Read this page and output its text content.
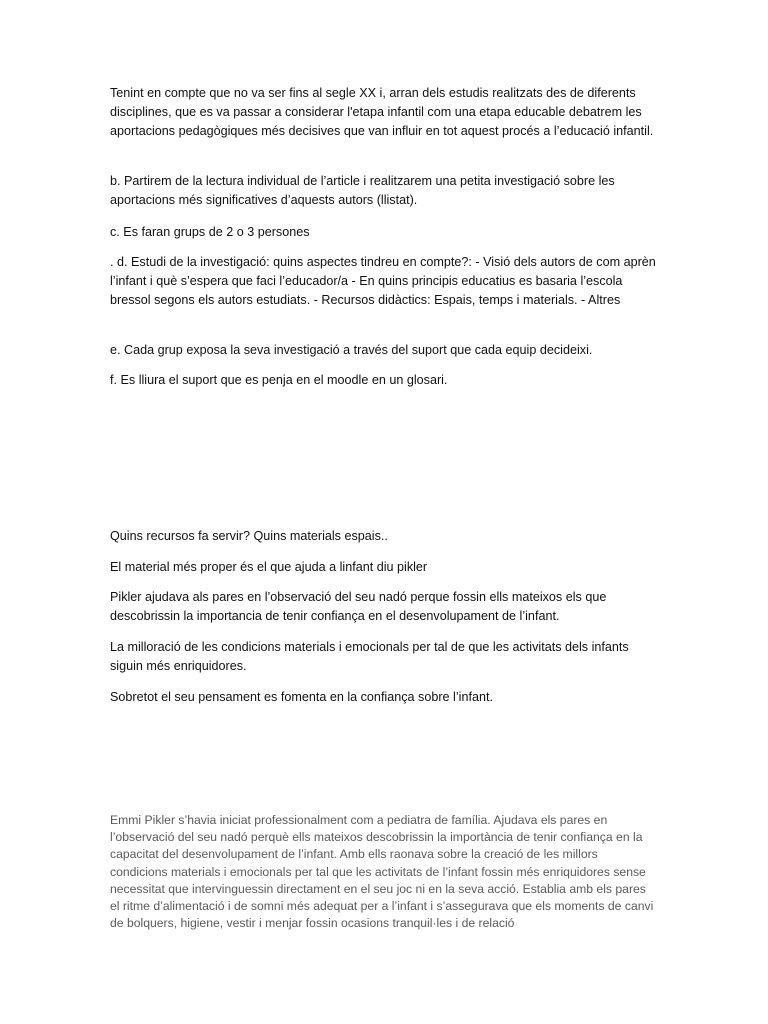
Tenint en compte que no va ser fins al segle XX i, arran dels estudis realitzats des de diferents disciplines, que es va passar a considerar l'etapa infantil com una etapa educable debatrem les aportacions pedagògiques més decisives que van influir en tot aquest procés a l’educació infantil.

b. Partirem de la lectura individual de l’article i realitzarem una petita investigació sobre les aportacions més significatives d’aquests autors (llistat).

c. Es faran grups de 2 o 3 persones

. d. Estudi de la investigació: quins aspectes tindreu en compte?: - Visió dels autors de com aprèn l’infant i què s’espera que faci l’educador/a - En quins principis educatius es basaria l’escola bressol segons els autors estudiats. - Recursos didàctics: Espais, temps i materials. - Altres

e. Cada grup exposa la seva investigació a través del suport que cada equip decideixi.

f. Es lliura el suport que es penja en el moodle en un glosari.

Quins recursos fa servir? Quins materials espais..

El material més proper és el que ajuda a linfant diu pikler

Pikler ajudava als pares en l’observació del seu nadó perque fossin ells mateixos els que descobrissin la importancia de tenir confiança en el desenvolupament de l’infant.

La milloració de les condicions materials i emocionals per tal de que les activitats dels infants siguin més enriquidores.

Sobretot el seu pensament es fomenta en la confiança sobre l’infant.

Emmi Pikler s’havia iniciat professionalment com a pediatra de família. Ajudava els pares en l’observació del seu nadó perquè ells mateixos descobrissin la importància de tenir confiança en la capacitat del desenvolupament de l’infant. Amb ells raonava sobre la creació de les millors condicions materials i emocionals per tal que les activitats de l’infant fossin més enriquidores sense necessitat que intervinguessin directament en el seu joc ni en la seva acció. Establia amb els pares el ritme d’alimentació i de somni més adequat per a l’infant i s’assegurava que els moments de canvi de bolquers, higiene, vestir i menjar fossin ocasions tranquil·les i de relació
